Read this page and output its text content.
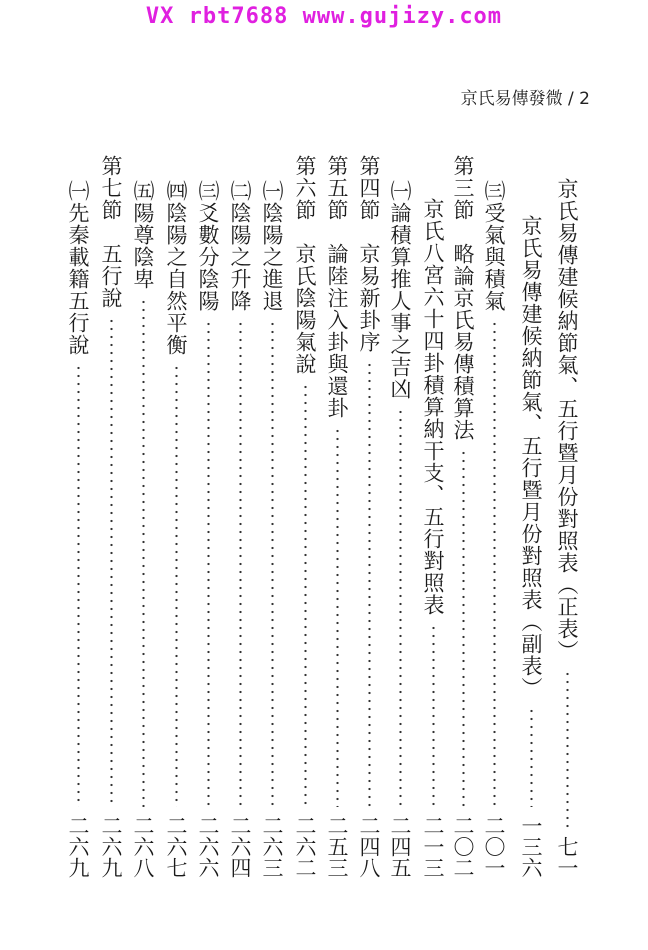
VX rbt7688 www.gujizy.com
京氏易傳發微 / 2
京氏易傳建候納節氣、五行暨月份對照表（正表）
七一
京氏易傳建候納節氣、五行暨月份對照表（副表）
一三六
㈢受氣與積氣
二〇一
第三節　略論京氏易傳積算法
二〇二
京氏八宮六十四卦積算納干支、五行對照表
二一三
㈠論積算推人事之吉凶
二四五
第四節　京易新卦序
二四八
第五節　論陸注入卦與還卦
二五三
第六節　京氏陰陽氣說
二六二
㈠陰陽之進退
二六三
㈡陰陽之升降
二六四
㈢爻數分陰陽
二六六
㈣陰陽之自然平衡
二六七
㈤陽尊陰卑
二六八
第七節　五行說
二六九
㈠先秦載籍五行說
二六九
